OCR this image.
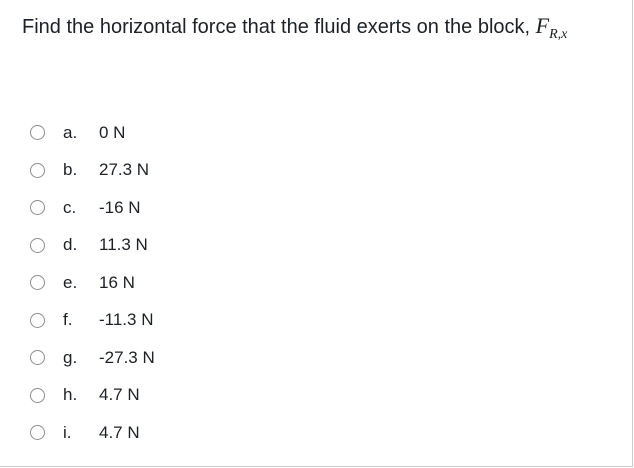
Find the horizontal force that the fluid exerts on the block, $F_{R,x}$
a.	0 N
b.	27.3 N
c.	-16 N
d.	11.3 N
e.	16 N
f.	-11.3 N
g.	-27.3 N
h.	4.7 N
i.	4.7 N
